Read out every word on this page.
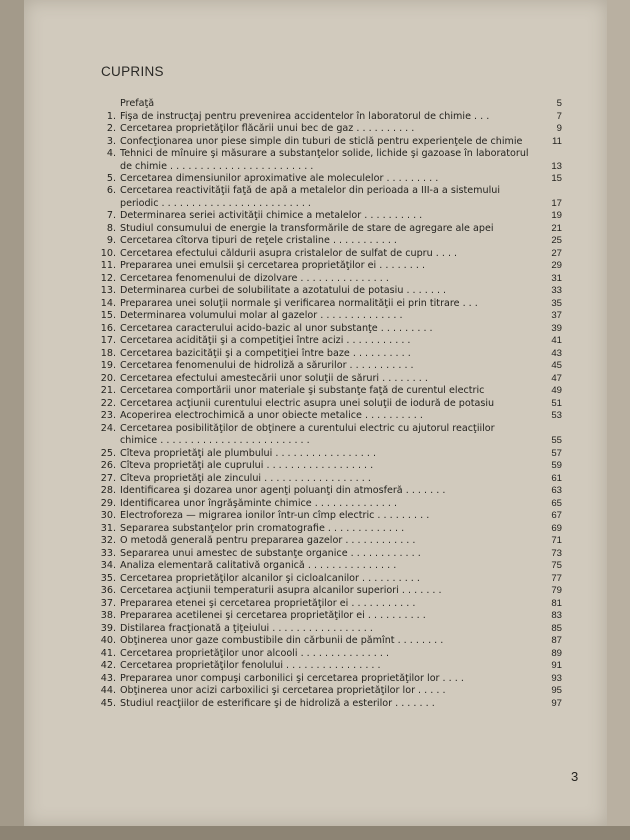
CUPRINS
Prefaţă	5
1. Fişa de instrucţaj pentru prevenirea accidentelor în laboratorul de chimie . . .	7
2. Cercetarea proprietăţilor flăcării unui bec de gaz . . . . . . . . . .	9
3. Confecţionarea unor piese simple din tuburi de sticlă pentru experienţele de chimie	11
4. Tehnici de mînuire şi măsurare a substanţelor solide, lichide şi gazoase în laboratorul
de chimie . . . . . . . . . . . . . . . . . . . . . . . .	13
5. Cercetarea dimensiunilor aproximative ale moleculelor . . . . . . . . .	15
6. Cercetarea reactivităţii faţă de apă a metalelor din perioada a III-a a sistemului
periodic . . . . . . . . . . . . . . . . . . . . . . . . .	17
7. Determinarea seriei activităţii chimice a metalelor . . . . . . . . . .	19
8. Studiul consumului de energie la transformările de stare de agregare ale apei	21
9. Cercetarea cîtorva tipuri de reţele cristaline . . . . . . . . . . .	25
10. Cercetarea efectului căldurii asupra cristalelor de sulfat de cupru . . . .	27
11. Prepararea unei emulsii şi cercetarea proprietăţilor ei . . . . . . . .	29
12. Cercetarea fenomenului de dizolvare . . . . . . . . . . . . . . .	31
13. Determinarea curbei de solubilitate a azotatului de potasiu . . . . . . .	33
14. Prepararea unei soluţii normale şi verificarea normalităţii ei prin titrare . . .	35
15. Determinarea volumului molar al gazelor . . . . . . . . . . . . . .	37
16. Cercetarea caracterului acido-bazic al unor substanţe . . . . . . . . .	39
17. Cercetarea acidităţii şi a competiţiei între acizi . . . . . . . . . . .	41
18. Cercetarea bazicităţii şi a competiţiei între baze . . . . . . . . . .	43
19. Cercetarea fenomenului de hidroliză a sărurilor . . . . . . . . . . .	45
20. Cercetarea efectului amestecării unor soluţii de săruri . . . . . . . .	47
21. Cercetarea comportării unor materiale şi substanţe faţă de curentul electric	49
22. Cercetarea acţiunii curentului electric asupra unei soluţii de iodură de potasiu	51
23. Acoperirea electrochimică a unor obiecte metalice . . . . . . . . . .	53
24. Cercetarea posibilităţilor de obţinere a curentului electric cu ajutorul reacţiilor
chimice . . . . . . . . . . . . . . . . . . . . . . . . .	55
25. Cîteva proprietăţi ale plumbului . . . . . . . . . . . . . . . . .	57
26. Cîteva proprietăţi ale cuprului . . . . . . . . . . . . . . . . . .	59
27. Cîteva proprietăţi ale zincului . . . . . . . . . . . . . . . . . .	61
28. Identificarea şi dozarea unor agenţi poluanţi din atmosferă . . . . . . .	63
29. Identificarea unor îngrăşăminte chimice . . . . . . . . . . . . . .	65
30. Electroforeza — migrarea ionilor într-un cîmp electric . . . . . . . . .	67
31. Separarea substanţelor prin cromatografie . . . . . . . . . . . . .	69
32. O metodă generală pentru prepararea gazelor . . . . . . . . . . . .	71
33. Separarea unui amestec de substanţe organice . . . . . . . . . . . .	73
34. Analiza elementară calitativă organică . . . . . . . . . . . . . . .	75
35. Cercetarea proprietăţilor alcanilor şi cicloalcanilor . . . . . . . . . .	77
36. Cercetarea acţiunii temperaturii asupra alcanilor superiori . . . . . . .	79
37. Prepararea etenei şi cercetarea proprietăţilor ei . . . . . . . . . . .	81
38. Prepararea acetilenei şi cercetarea proprietăţilor ei . . . . . . . . . .	83
39. Distilarea fracţionată a ţiţeiului . . . . . . . . . . . . . . . . .	85
40. Obţinerea unor gaze combustibile din cărbunii de pămînt . . . . . . . .	87
41. Cercetarea proprietăţilor unor alcooli . . . . . . . . . . . . . . .	89
42. Cercetarea proprietăţilor fenolului . . . . . . . . . . . . . . . .	91
43. Prepararea unor compuşi carbonilici şi cercetarea proprietăţilor lor . . . .	93
44. Obţinerea unor acizi carboxilici şi cercetarea proprietăţilor lor . . . . .	95
45. Studiul reacţiilor de esterificare şi de hidroliză a esterilor . . . . . . .	97
3
